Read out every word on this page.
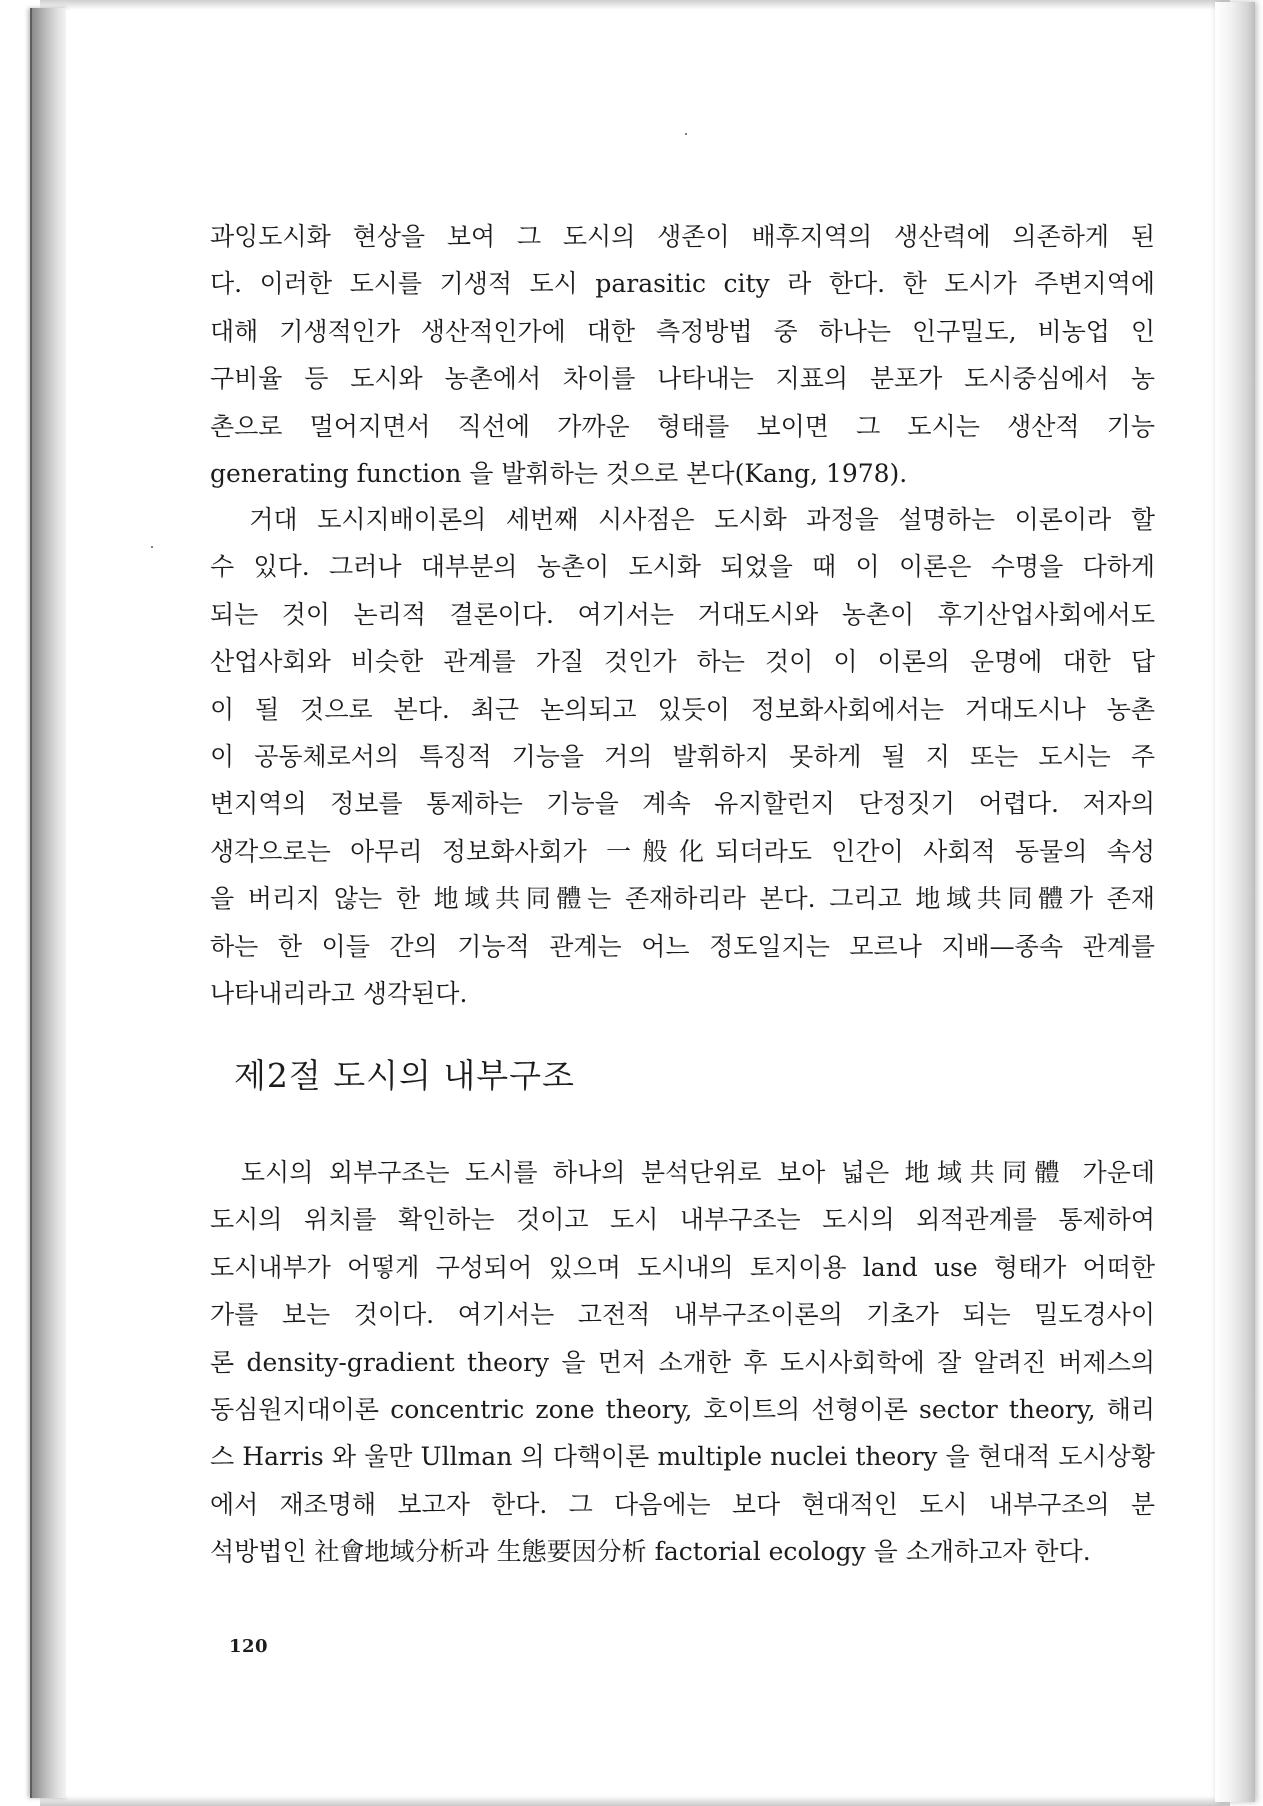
과잉도시화 현상을 보여 그 도시의 생존이 배후지역의 생산력에 의존하게 된
다. 이러한 도시를 기생적 도시 parasitic city 라 한다. 한 도시가 주변지역에
대해 기생적인가 생산적인가에 대한 측정방법 중 하나는 인구밀도, 비농업 인
구비율 등 도시와 농촌에서 차이를 나타내는 지표의 분포가 도시중심에서 농
촌으로 멀어지면서 직선에 가까운 형태를 보이면 그 도시는 생산적 기능
generating function 을 발휘하는 것으로 본다(Kang, 1978).
거대 도시지배이론의 세번째 시사점은 도시화 과정을 설명하는 이론이라 할
수 있다. 그러나 대부분의 농촌이 도시화 되었을 때 이 이론은 수명을 다하게
되는 것이 논리적 결론이다. 여기서는 거대도시와 농촌이 후기산업사회에서도
산업사회와 비슷한 관계를 가질 것인가 하는 것이 이 이론의 운명에 대한 답
이 될 것으로 본다. 최근 논의되고 있듯이 정보화사회에서는 거대도시나 농촌
이 공동체로서의 특징적 기능을 거의 발휘하지 못하게 될 지 또는 도시는 주
변지역의 정보를 통제하는 기능을 계속 유지할런지 단정짓기 어렵다. 저자의
생각으로는 아무리 정보화사회가 一般化되더라도 인간이 사회적 동물의 속성
을 버리지 않는 한 地域共同體는 존재하리라 본다. 그리고 地域共同體가 존재
하는 한 이들 간의 기능적 관계는 어느 정도일지는 모르나 지배—종속 관계를
나타내리라고 생각된다.
제2절 도시의 내부구조
도시의 외부구조는 도시를 하나의 분석단위로 보아 넓은 地域共同體 가운데
도시의 위치를 확인하는 것이고 도시 내부구조는 도시의 외적관계를 통제하여
도시내부가 어떻게 구성되어 있으며 도시내의 토지이용 land use 형태가 어떠한
가를 보는 것이다. 여기서는 고전적 내부구조이론의 기초가 되는 밀도경사이
론 density-gradient theory 을 먼저 소개한 후 도시사회학에 잘 알려진 버제스의
동심원지대이론 concentric zone theory, 호이트의 선형이론 sector theory, 해리
스 Harris 와 울만 Ullman 의 다핵이론 multiple nuclei theory 을 현대적 도시상황
에서 재조명해 보고자 한다. 그 다음에는 보다 현대적인 도시 내부구조의 분
석방법인 社會地域分析과 生態要因分析 factorial ecology 을 소개하고자 한다.
120
